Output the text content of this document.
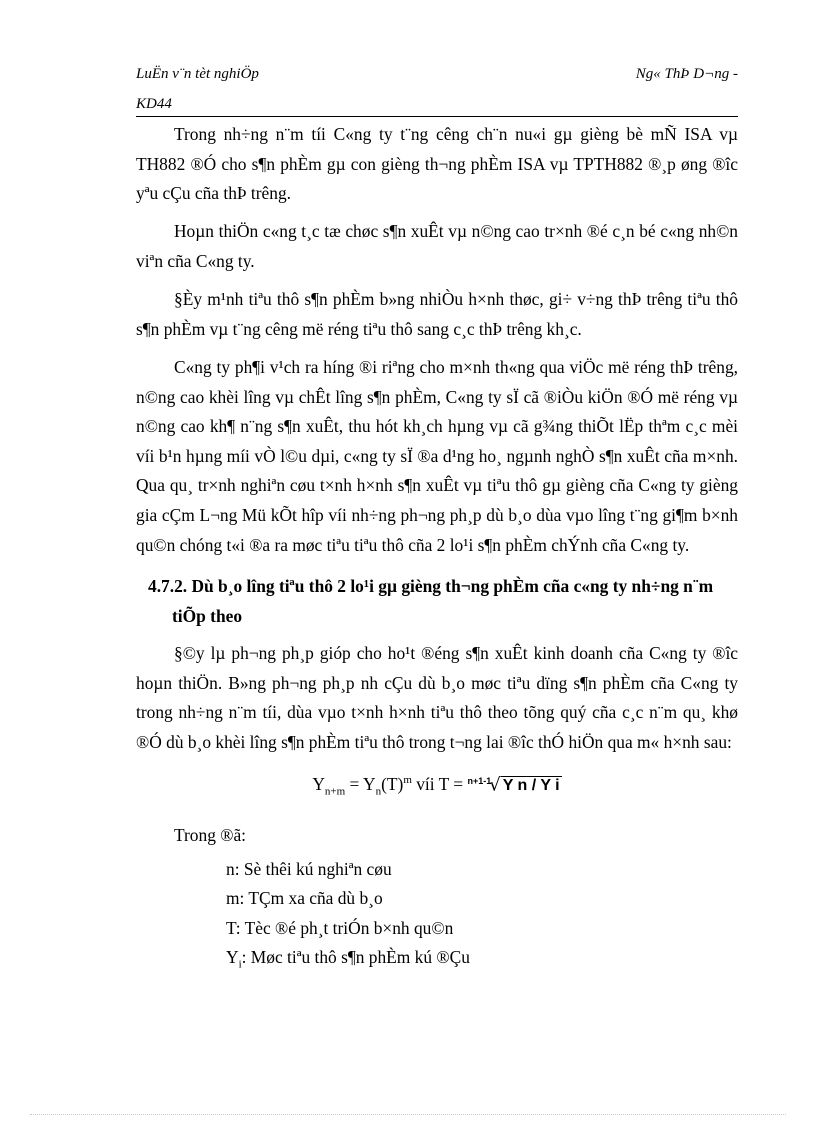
LuËn v¨n tèt nghiÖp	Ng« ThÞ D¬ng -
KD44

Trong nh÷ng n¨m tíi C«ng ty t¨ng cêng ch¨n nu«i gµ gièng bè mÑ ISA vµ TH882 ®Ó cho s¶n phÈm gµ con gièng th¬ng phÈm ISA vµ TPTH882 ®¸p øng ®îc yªu cÇu cña thÞ trêng.

Hoµn thiÖn c«ng t¸c tæ chøc s¶n xuÊt vµ n©ng cao tr×nh ®é c¸n bé c«ng nh©n viªn cña C«ng ty.

§Èy m¹nh tiªu thô s¶n phÈm b»ng nhiÒu h×nh thøc, gi÷ v÷ng thÞ trêng tiªu thô s¶n phÈm vµ t¨ng cêng më réng tiªu thô sang c¸c thÞ trêng kh¸c.

C«ng ty ph¶i v¹ch ra híng ®i riªng cho m×nh th«ng qua viÖc më réng thÞ trêng, n©ng cao khèi lîng vµ chÊt lîng s¶n phÈm, C«ng ty sÏ cã ®iÒu kiÖn ®Ó më réng vµ n©ng cao kh¶ n¨ng s¶n xuÊt, thu hót kh¸ch hµng vµ cã g¾ng thiÕt lËp thªm c¸c mèi víi b¹n hµng míi vÒ l©u dµi, c«ng ty sÏ ®a d¹ng ho¸ ngµnh nghÒ s¶n xuÊt cña m×nh. Qua qu¸ tr×nh nghiªn cøu t×nh h×nh s¶n xuÊt vµ tiªu thô gµ gièng cña C«ng ty gièng gia cÇm L¬ng Mü kÕt hîp víi nh÷ng ph¬ng ph¸p dù b¸o dùa vµo lîng t¨ng gi¶m b×nh qu©n chóng t«i ®a ra møc tiªu tiªu thô cña 2 lo¹i s¶n phÈm chÝnh cña C«ng ty.

4.7.2. Dù b¸o lîng tiªu thô 2 lo¹i gµ gièng th¬ng phÈm cña c«ng ty nh÷ng n¨m tiÕp theo

§©y lµ ph¬ng ph¸p gióp cho ho¹t ®éng s¶n xuÊt kinh doanh cña C«ng ty ®îc hoµn thiÖn. B»ng ph¬ng ph¸p nh cÇu dù b¸o møc tiªu dïng s¶n phÈm cña C«ng ty trong nh÷ng n¨m tíi, dùa vµo t×nh h×nh tiªu thô theo tõng quý cña c¸c n¨m qu¸ khø ®Ó dù b¸o khèi lîng s¶n phÈm tiªu thô trong t¬ng lai ®îc thÓ hiÖn qua m« h×nh sau:

$Y_{n+m} = Y_n(T)^m$ víi T = $^{n+1-1}$√ Y n / Y i
Trong ®ã:
n: Sè thêi kú nghiªn cøu
m: TÇm xa cña dù b¸o
T: Tèc ®é ph¸t triÓn b×nh qu©n
$Y_i$: Møc tiªu thô s¶n phÈm kú ®Çu
